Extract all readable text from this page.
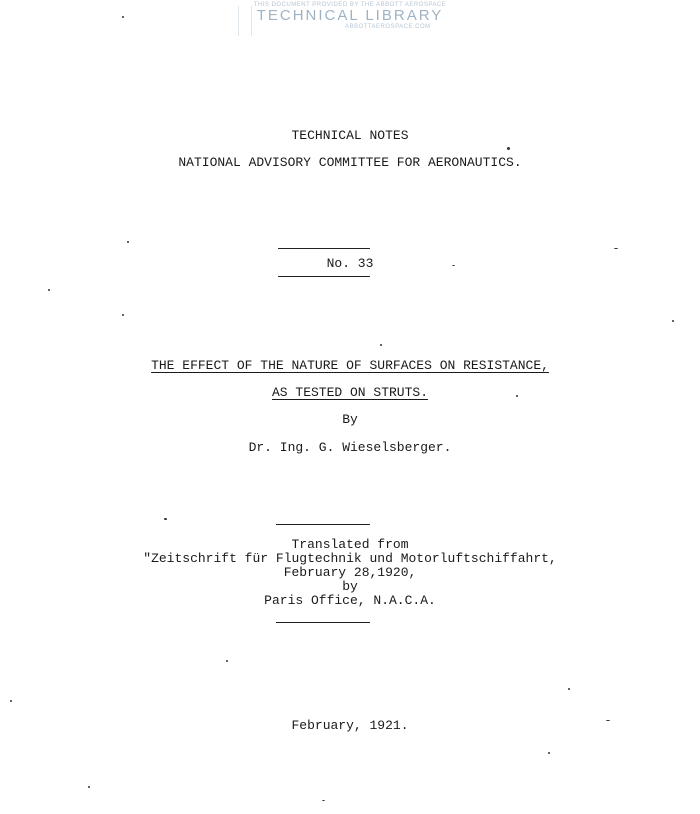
THIS DOCUMENT PROVIDED BY THE ABBOTT AEROSPACE
TECHNICAL LIBRARY
ABBOTTAEROSPACE.COM
TECHNICAL NOTES
NATIONAL ADVISORY COMMITTEE FOR AERONAUTICS.
No. 33
THE EFFECT OF THE NATURE OF SURFACES ON RESISTANCE,
AS TESTED ON STRUTS.
By
Dr. Ing. G. Wieselsberger.
Translated from
"Zeitschrift für Flugtechnik und Motorluftschiffahrt,
February 28,1920,
by
Paris Office, N.A.C.A.
February, 1921.
